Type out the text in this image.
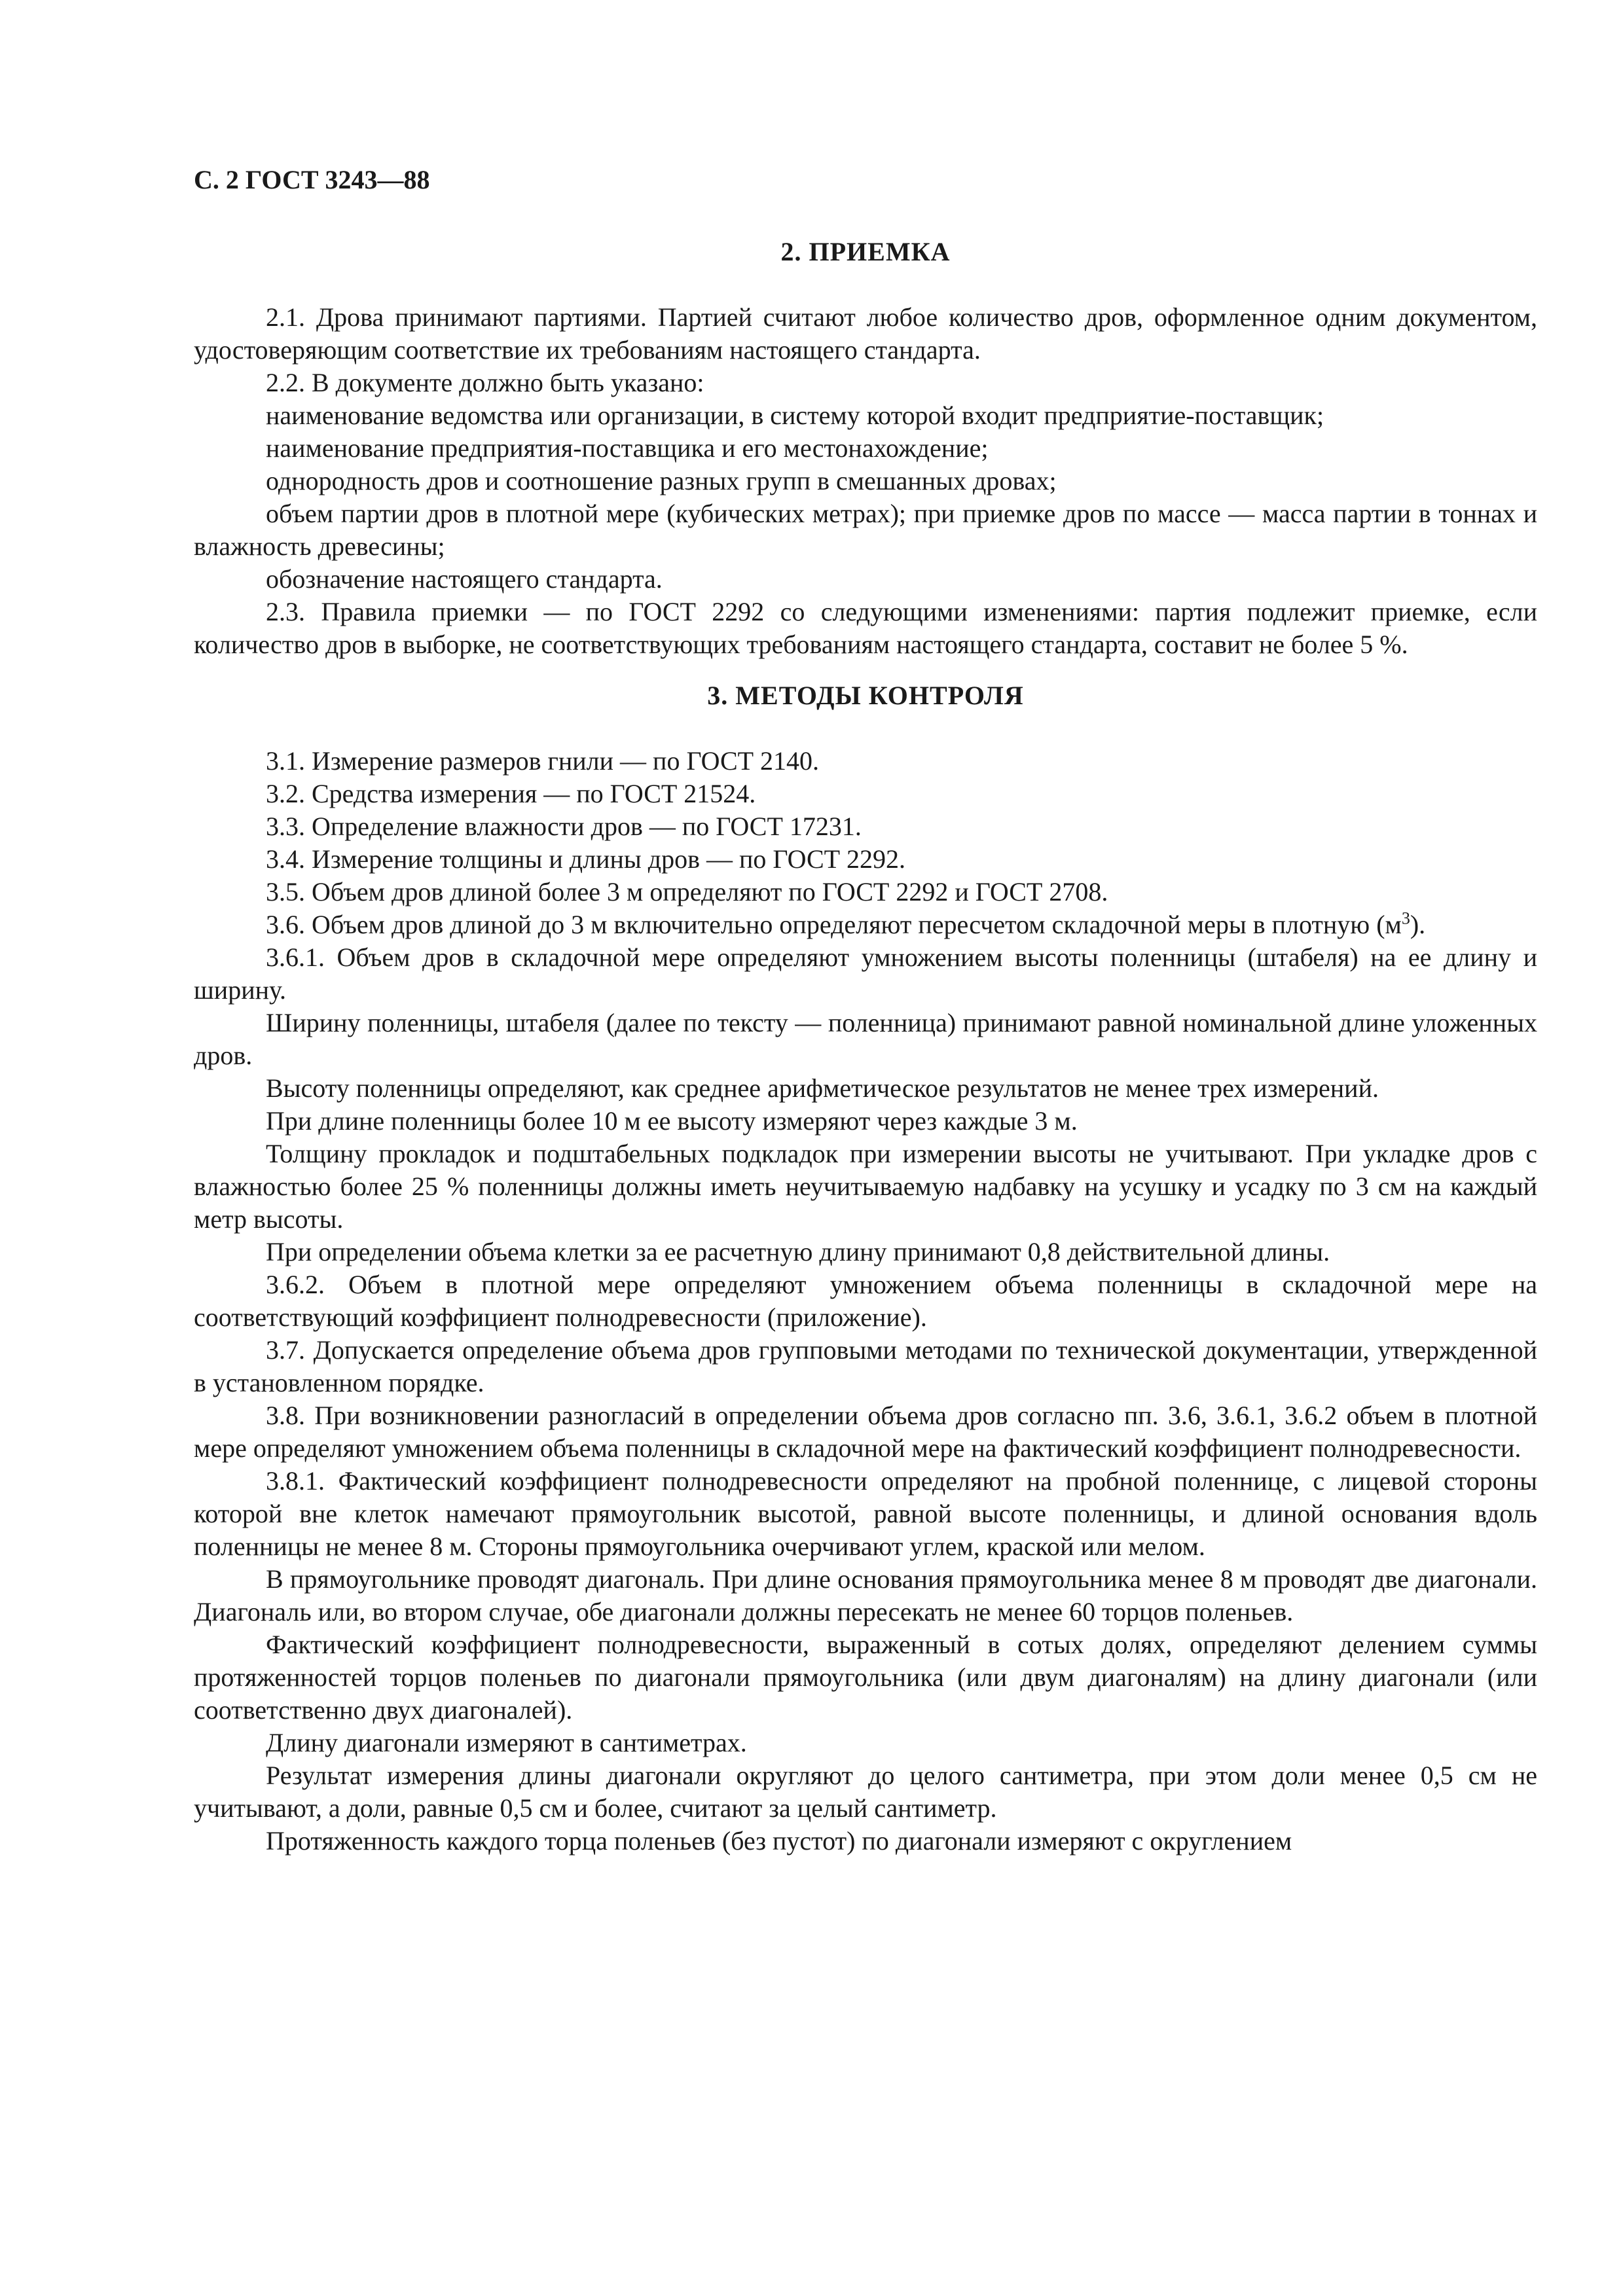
С. 2 ГОСТ 3243—88
2. ПРИЕМКА

2.1. Дрова принимают партиями. Партией считают любое количество дров, оформленное одним документом, удостоверяющим соответствие их требованиям настоящего стандарта.

2.2. В документе должно быть указано:

наименование ведомства или организации, в систему которой входит предприятие-поставщик;

наименование предприятия-поставщика и его местонахождение;

однородность дров и соотношение разных групп в смешанных дровах;

объем партии дров в плотной мере (кубических метрах); при приемке дров по массе — масса партии в тоннах и влажность древесины;

обозначение настоящего стандарта.

2.3. Правила приемки — по ГОСТ 2292 со следующими изменениями: партия подлежит приемке, если количество дров в выборке, не соответствующих требованиям настоящего стандарта, составит не более 5 %.

3. МЕТОДЫ КОНТРОЛЯ

3.1. Измерение размеров гнили — по ГОСТ 2140.

3.2. Средства измерения — по ГОСТ 21524.

3.3. Определение влажности дров — по ГОСТ 17231.

3.4. Измерение толщины и длины дров — по ГОСТ 2292.

3.5. Объем дров длиной более 3 м определяют по ГОСТ 2292 и ГОСТ 2708.

3.6. Объем дров длиной до 3 м включительно определяют пересчетом складочной меры в плотную $(м^3)$.

3.6.1. Объем дров в складочной мере определяют умножением высоты поленницы (штабеля) на ее длину и ширину.

Ширину поленницы, штабеля (далее по тексту — поленница) принимают равной номинальной длине уложенных дров.

Высоту поленницы определяют, как среднее арифметическое результатов не менее трех измерений.

При длине поленницы более 10 м ее высоту измеряют через каждые 3 м.

Толщину прокладок и подштабельных подкладок при измерении высоты не учитывают. При укладке дров с влажностью более 25 % поленницы должны иметь неучитываемую надбавку на усушку и усадку по 3 см на каждый метр высоты.

При определении объема клетки за ее расчетную длину принимают 0,8 действительной длины.

3.6.2. Объем в плотной мере определяют умножением объема поленницы в складочной мере на соответствующий коэффициент полнодревесности (приложение).

3.7. Допускается определение объема дров групповыми методами по технической документации, утвержденной в установленном порядке.

3.8. При возникновении разногласий в определении объема дров согласно пп. 3.6, 3.6.1, 3.6.2 объем в плотной мере определяют умножением объема поленницы в складочной мере на фактический коэффициент полнодревесности.

3.8.1. Фактический коэффициент полнодревесности определяют на пробной поленнице, с лицевой стороны которой вне клеток намечают прямоугольник высотой, равной высоте поленницы, и длиной основания вдоль поленницы не менее 8 м. Стороны прямоугольника очерчивают углем, краской или мелом.

В прямоугольнике проводят диагональ. При длине основания прямоугольника менее 8 м проводят две диагонали. Диагональ или, во втором случае, обе диагонали должны пересекать не менее 60 торцов поленьев.

Фактический коэффициент полнодревесности, выраженный в сотых долях, определяют делением суммы протяженностей торцов поленьев по диагонали прямоугольника (или двум диагоналям) на длину диагонали (или соответственно двух диагоналей).

Длину диагонали измеряют в сантиметрах.

Результат измерения длины диагонали округляют до целого сантиметра, при этом доли менее 0,5 см не учитывают, а доли, равные 0,5 см и более, считают за целый сантиметр.

Протяженность каждого торца поленьев (без пустот) по диагонали измеряют с округлением
